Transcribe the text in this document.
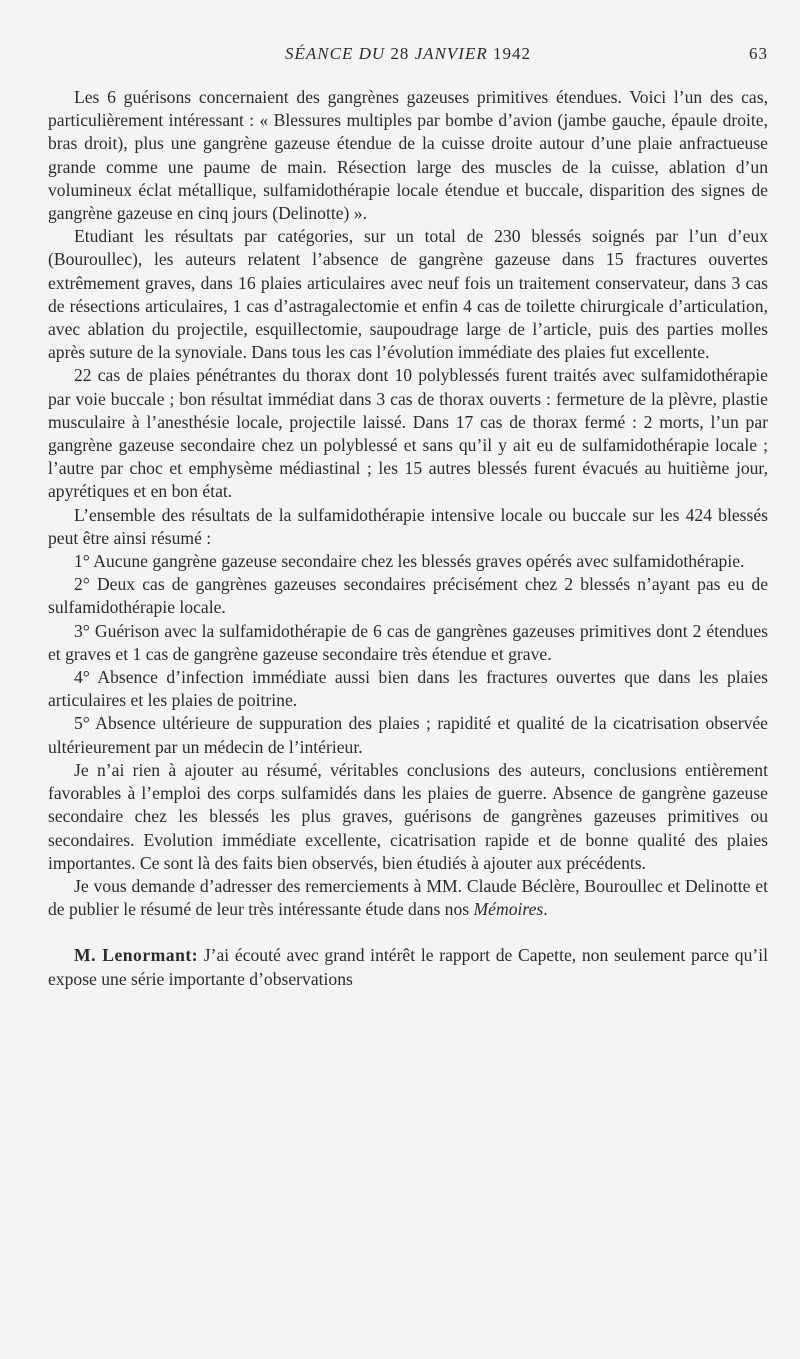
SÉANCE DU 28 JANVIER 1942	63

Les 6 guérisons concernaient des gangrènes gazeuses primitives étendues. Voici l’un des cas, particulièrement intéressant : « Blessures multiples par bombe d’avion (jambe gauche, épaule droite, bras droit), plus une gangrène gazeuse étendue de la cuisse droite autour d’une plaie anfractueuse grande comme une paume de main. Résection large des muscles de la cuisse, ablation d’un volumineux éclat métallique, sulfamidothérapie locale étendue et buccale, disparition des signes de gangrène gazeuse en cinq jours (Delinotte) ».

Etudiant les résultats par catégories, sur un total de 230 blessés soignés par l’un d’eux (Bouroullec), les auteurs relatent l’absence de gangrène gazeuse dans 15 fractures ouvertes extrêmement graves, dans 16 plaies articulaires avec neuf fois un traitement conservateur, dans 3 cas de résections articulaires, 1 cas d’astragalectomie et enfin 4 cas de toilette chirurgicale d’articulation, avec ablation du projectile, esquillectomie, saupoudrage large de l’article, puis des parties molles après suture de la synoviale. Dans tous les cas l’évolution immédiate des plaies fut excellente.

22 cas de plaies pénétrantes du thorax dont 10 polyblessés furent traités avec sulfamidothérapie par voie buccale ; bon résultat immédiat dans 3 cas de thorax ouverts : fermeture de la plèvre, plastie musculaire à l’anesthésie locale, projectile laissé. Dans 17 cas de thorax fermé : 2 morts, l’un par gangrène gazeuse secondaire chez un polyblessé et sans qu’il y ait eu de sulfamidothérapie locale ; l’autre par choc et emphysème médiastinal ; les 15 autres blessés furent évacués au huitième jour, apyrétiques et en bon état.

L’ensemble des résultats de la sulfamidothérapie intensive locale ou buccale sur les 424 blessés peut être ainsi résumé :

1° Aucune gangrène gazeuse secondaire chez les blessés graves opérés avec sulfamidothérapie.

2° Deux cas de gangrènes gazeuses secondaires précisément chez 2 blessés n’ayant pas eu de sulfamidothérapie locale.

3° Guérison avec la sulfamidothérapie de 6 cas de gangrènes gazeuses primitives dont 2 étendues et graves et 1 cas de gangrène gazeuse secondaire très étendue et grave.

4° Absence d’infection immédiate aussi bien dans les fractures ouvertes que dans les plaies articulaires et les plaies de poitrine.

5° Absence ultérieure de suppuration des plaies ; rapidité et qualité de la cicatrisation observée ultérieurement par un médecin de l’intérieur.

Je n’ai rien à ajouter au résumé, véritables conclusions des auteurs, conclusions entièrement favorables à l’emploi des corps sulfamidés dans les plaies de guerre. Absence de gangrène gazeuse secondaire chez les blessés les plus graves, guérisons de gangrènes gazeuses primitives ou secondaires. Evolution immédiate excellente, cicatrisation rapide et de bonne qualité des plaies importantes. Ce sont là des faits bien observés, bien étudiés à ajouter aux précédents.

Je vous demande d’adresser des remerciements à MM. Claude Béclère, Bouroullec et Delinotte et de publier le résumé de leur très intéressante étude dans nos Mémoires.

M. Lenormant: J’ai écouté avec grand intérêt le rapport de Capette, non seulement parce qu’il expose une série importante d’observations
